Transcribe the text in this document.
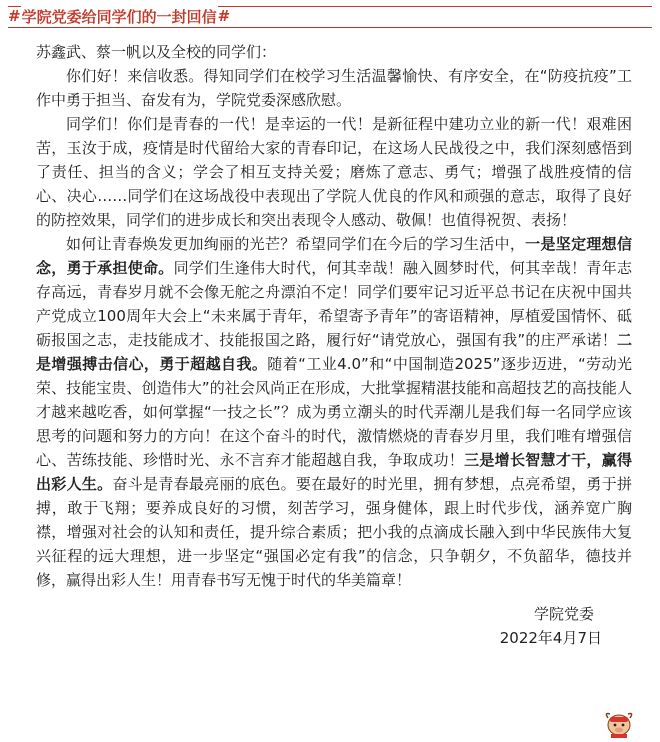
# 学院党委给同学们的一封回信 #

苏鑫武、蔡一帆以及全校的同学们：

你们好！来信收悉。得知同学们在校学习生活温馨愉快、有序安全，在“防疫抗疫”工作中勇于担当、奋发有为，学院党委深感欣慰。

同学们！你们是青春的一代！是幸运的一代！是新征程中建功立业的新一代！艰难困苦，玉汝于成，疫情是时代留给大家的青春印记，在这场人民战役之中，我们深刻感悟到了责任、担当的含义；学会了相互支持关爱；磨炼了意志、勇气；增强了战胜疫情的信心、决心……同学们在这场战役中表现出了学院人优良的作风和顽强的意志，取得了良好的防控效果，同学们的进步成长和突出表现令人感动、敬佩！也值得祝贺、表扬！

如何让青春焕发更加绚丽的光芒？希望同学们在今后的学习生活中，一是坚定理想信念，勇于承担使命。同学们生逢伟大时代，何其幸哉！融入圆梦时代，何其幸哉！青年志存高远，青春岁月就不会像无舵之舟漂泊不定！同学们要牢记习近平总书记在庆祝中国共产党成立100周年大会上“未来属于青年，希望寄予青年”的寄语精神，厚植爱国情怀、砥砺报国之志，走技能成才、技能报国之路，履行好“请党放心，强国有我”的庄严承诺！二是增强搏击信心，勇于超越自我。随着“工业4.0”和“中国制造2025”逐步迈进，“劳动光荣、技能宝贵、创造伟大”的社会风尚正在形成，大批掌握精湛技能和高超技艺的高技能人才越来越吃香，如何掌握“一技之长”？成为勇立潮头的时代弄潮儿是我们每一名同学应该思考的问题和努力的方向！在这个奋斗的时代，激情燃烧的青春岁月里，我们唯有增强信心、苦练技能、珍惜时光、永不言弃才能超越自我，争取成功！三是增长智慧才干，赢得出彩人生。奋斗是青春最亮丽的底色。要在最好的时光里，拥有梦想，点亮希望，勇于拼搏，敢于飞翔；要养成良好的习惯，刻苦学习，强身健体，跟上时代步伐，涵养宽广胸襟，增强对社会的认知和责任，提升综合素质；把小我的点滴成长融入到中华民族伟大复兴征程的远大理想，进一步坚定“强国必定有我”的信念，只争朝夕，不负韶华，德技并修，赢得出彩人生！用青春书写无愧于时代的华美篇章！

学院党委

2022年4月7日
